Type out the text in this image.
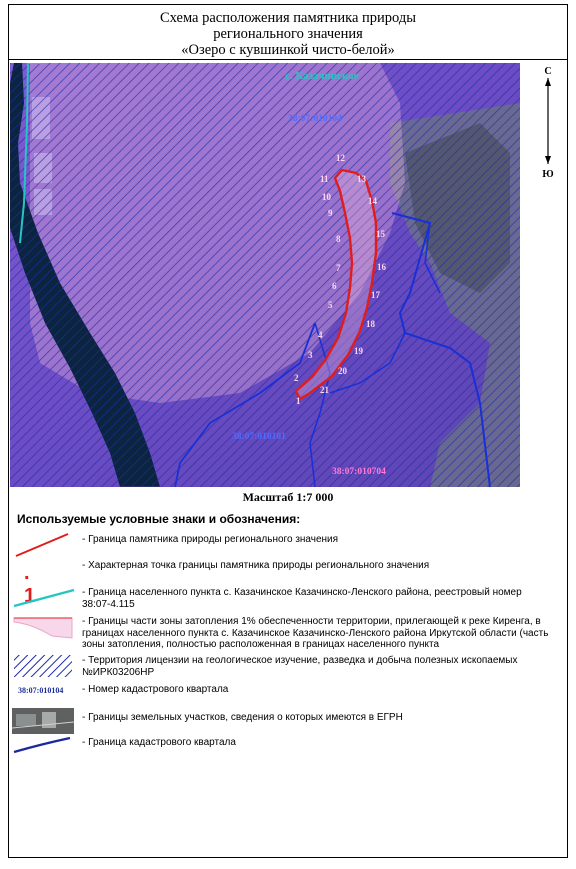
Схема расположения памятника природы
регионального значения
«Озеро с кувшинкой чисто-белой»
с. Казачинское
38:07:010104
38:07:010101
38:07:010704
1
2
3
4
5
6
7
8
9
10
11
12
13
14
15
16
17
18
19
20
21
С
Ю
Масштаб 1:7 000
Используемые условные знаки и обозначения:
- Граница памятника природы регионального значения
. 1
- Характерная точка границы памятника природы регионального значения
- Граница населенного пункта с. Казачинское Казачинско-Ленского района, реестровый номер 38:07-4.115
- Границы части зоны затопления 1% обеспеченности территории, прилегающей к реке Киренга, в границах населенного пункта с. Казачинское Казачинско-Ленского района Иркутской области (часть зоны затопления, полностью расположенная в границах населенного пункта
- Территория лицензии на геологическое изучение, разведка и добыча полезных ископаемых №ИРК03206НР
38:07:010104 - Номер кадастрового квартала
- Границы земельных участков, сведения о которых имеются в ЕГРН
- Граница кадастрового квартала
